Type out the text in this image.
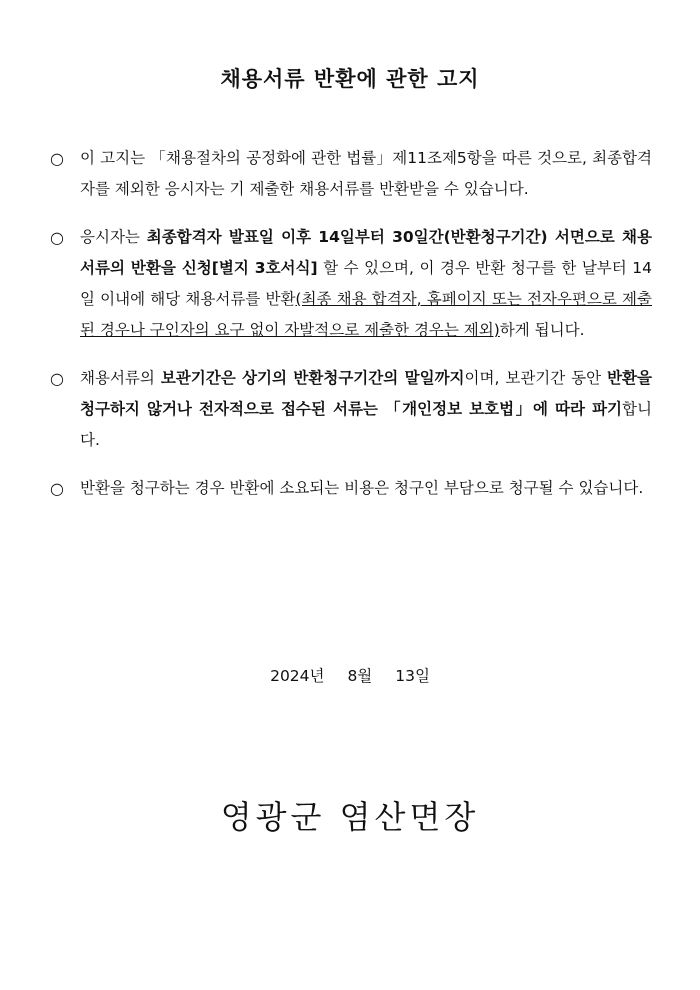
채용서류 반환에 관한 고지
○ 이 고지는 「채용절차의 공정화에 관한 법률」제11조제5항을 따른 것으로, 최종합격자를 제외한 응시자는 기 제출한 채용서류를 반환받을 수 있습니다.
○ 응시자는 최종합격자 발표일 이후 14일부터 30일간(반환청구기간) 서면으로 채용서류의 반환을 신청[별지 3호서식] 할 수 있으며, 이 경우 반환 청구를 한 날부터 14일 이내에 해당 채용서류를 반환(최종 채용 합격자, 홈페이지 또는 전자우편으로 제출된 경우나 구인자의 요구 없이 자발적으로 제출한 경우는 제외)하게 됩니다.
○ 채용서류의 보관기간은 상기의 반환청구기간의 말일까지이며, 보관기간 동안 반환을 청구하지 않거나 전자적으로 접수된 서류는 「개인정보 보호법」에 따라 파기합니다.
○ 반환을 청구하는 경우 반환에 소요되는 비용은 청구인 부담으로 청구될 수 있습니다.
2024년 8월 13일
영광군 염산면장
